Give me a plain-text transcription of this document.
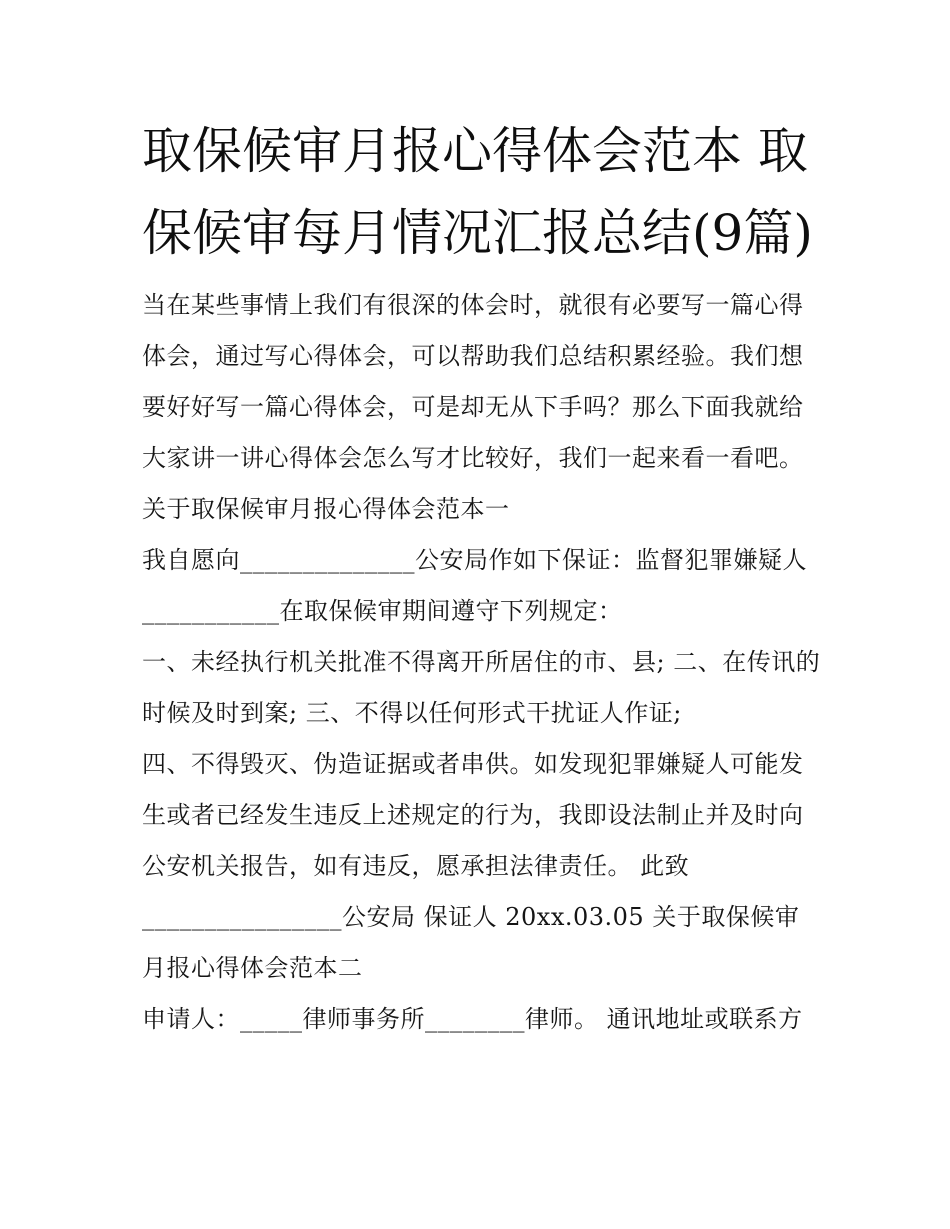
取保候审月报心得体会范本 取保候审每月情况汇报总结(9篇)

当在某些事情上我们有很深的体会时，就很有必要写一篇心得体会，通过写心得体会，可以帮助我们总结积累经验。我们想要好好写一篇心得体会，可是却无从下手吗？那么下面我就给大家讲一讲心得体会怎么写才比较好，我们一起来看一看吧。

关于取保候审月报心得体会范本一

我自愿向______________公安局作如下保证：监督犯罪嫌疑人___________在取保候审期间遵守下列规定：

一、未经执行机关批准不得离开所居住的市、县; 二、在传讯的时候及时到案; 三、不得以任何形式干扰证人作证;

四、不得毁灭、伪造证据或者串供。如发现犯罪嫌疑人可能发生或者已经发生违反上述规定的行为，我即设法制止并及时向公安机关报告，如有违反，愿承担法律责任。 此致________________公安局 保证人 20xx.03.05 关于取保候审月报心得体会范本二

申请人：_____律师事务所________律师。 通讯地址或联系方
